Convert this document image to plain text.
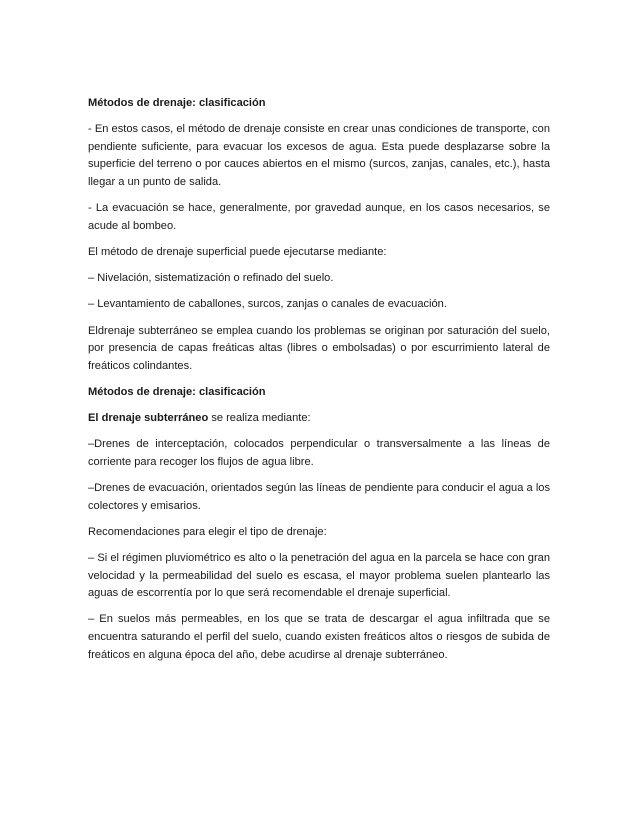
Métodos de drenaje: clasificación

- En estos casos, el método de drenaje consiste en crear unas condiciones de transporte, con pendiente suficiente, para evacuar los excesos de agua. Esta puede desplazarse sobre la superficie del terreno o por cauces abiertos en el mismo (surcos, zanjas, canales, etc.), hasta llegar a un punto de salida.

- La evacuación se hace, generalmente, por gravedad aunque, en los casos necesarios, se acude al bombeo.

El método de drenaje superficial puede ejecutarse mediante:

– Nivelación, sistematización o refinado del suelo.

– Levantamiento de caballones, surcos, zanjas o canales de evacuación.

Eldrenaje subterráneo se emplea cuando los problemas se originan por saturación del suelo, por presencia de capas freáticas altas (libres o embolsadas) o por escurrimiento lateral de freáticos colindantes.

Métodos de drenaje: clasificación

El drenaje subterráneo se realiza mediante:

–Drenes de interceptación, colocados perpendicular o transversalmente a las líneas de corriente para recoger los flujos de agua libre.

–Drenes de evacuación, orientados según las líneas de pendiente para conducir el agua a los colectores y emisarios.

Recomendaciones para elegir el tipo de drenaje:

– Si el régimen pluviométrico es alto o la penetración del agua en la parcela se hace con gran velocidad y la permeabilidad del suelo es escasa, el mayor problema suelen plantearlo las aguas de escorrentía por lo que será recomendable el drenaje superficial.

– En suelos más permeables, en los que se trata de descargar el agua infiltrada que se encuentra saturando el perfil del suelo, cuando existen freáticos altos o riesgos de subida de freáticos en alguna época del año, debe acudirse al drenaje subterráneo.
